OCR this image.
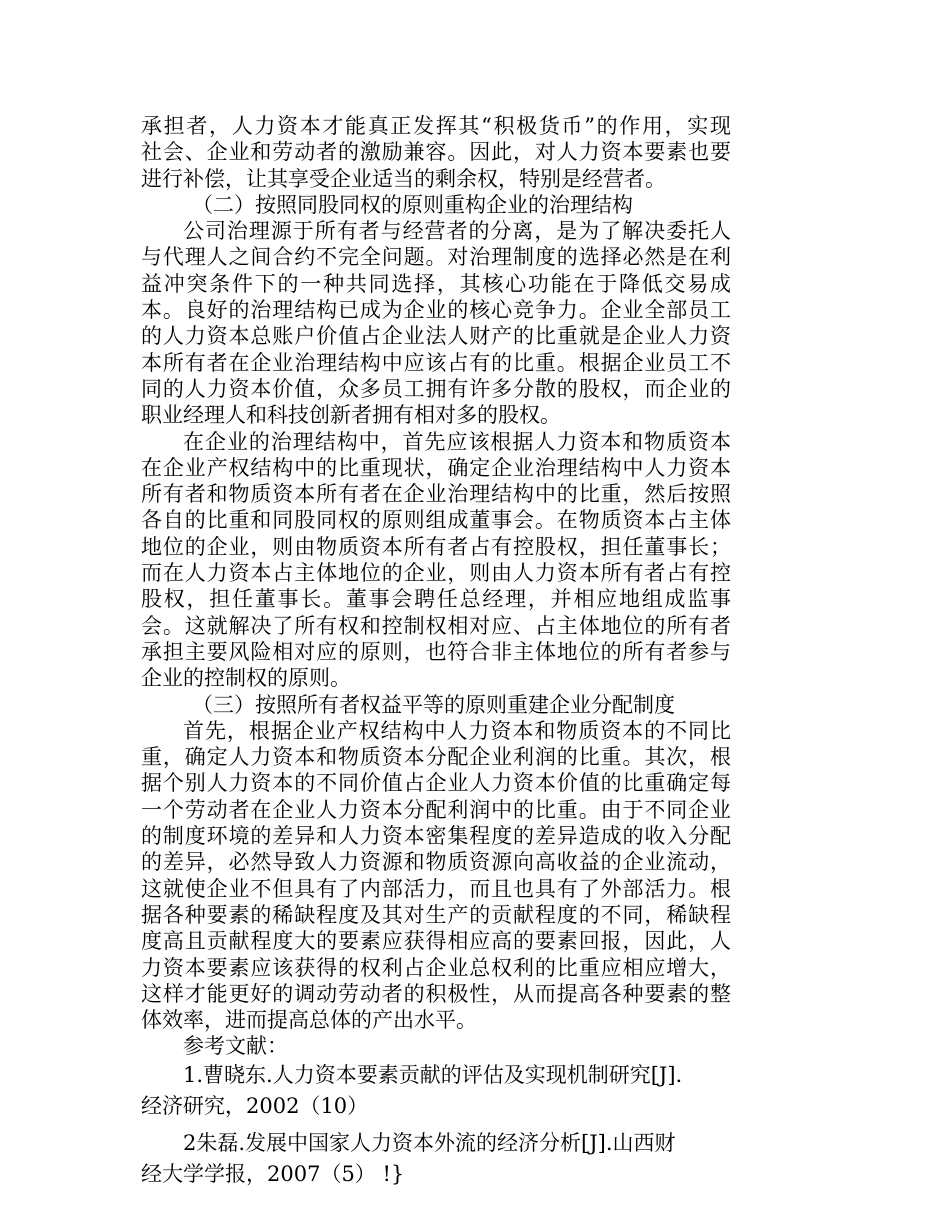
承担者，人力资本才能真正发挥其“积极货币”的作用，实现
社会、企业和劳动者的激励兼容。因此，对人力资本要素也要
进行补偿，让其享受企业适当的剩余权，特别是经营者。
（二）按照同股同权的原则重构企业的治理结构
公司治理源于所有者与经营者的分离，是为了解决委托人
与代理人之间合约不完全问题。对治理制度的选择必然是在利
益冲突条件下的一种共同选择，其核心功能在于降低交易成
本。良好的治理结构已成为企业的核心竞争力。企业全部员工
的人力资本总账户价值占企业法人财产的比重就是企业人力资
本所有者在企业治理结构中应该占有的比重。根据企业员工不
同的人力资本价值，众多员工拥有许多分散的股权，而企业的
职业经理人和科技创新者拥有相对多的股权。
在企业的治理结构中，首先应该根据人力资本和物质资本
在企业产权结构中的比重现状，确定企业治理结构中人力资本
所有者和物质资本所有者在企业治理结构中的比重，然后按照
各自的比重和同股同权的原则组成董事会。在物质资本占主体
地位的企业，则由物质资本所有者占有控股权，担任董事长；
而在人力资本占主体地位的企业，则由人力资本所有者占有控
股权，担任董事长。董事会聘任总经理，并相应地组成监事
会。这就解决了所有权和控制权相对应、占主体地位的所有者
承担主要风险相对应的原则，也符合非主体地位的所有者参与
企业的控制权的原则。
（三）按照所有者权益平等的原则重建企业分配制度
首先，根据企业产权结构中人力资本和物质资本的不同比
重，确定人力资本和物质资本分配企业利润的比重。其次，根
据个别人力资本的不同价值占企业人力资本价值的比重确定每
一个劳动者在企业人力资本分配利润中的比重。由于不同企业
的制度环境的差异和人力资本密集程度的差异造成的收入分配
的差异，必然导致人力资源和物质资源向高收益的企业流动，
这就使企业不但具有了内部活力，而且也具有了外部活力。根
据各种要素的稀缺程度及其对生产的贡献程度的不同，稀缺程
度高且贡献程度大的要素应获得相应高的要素回报，因此，人
力资本要素应该获得的权利占企业总权利的比重应相应增大，
这样才能更好的调动劳动者的积极性，从而提高各种要素的整
体效率，进而提高总体的产出水平。
参考文献：
1.曹晓东.人力资本要素贡献的评估及实现机制研究[J].
经济研究，2002（10）
2朱磊.发展中国家人力资本外流的经济分析[J].山西财
经大学学报，2007（5） !}
